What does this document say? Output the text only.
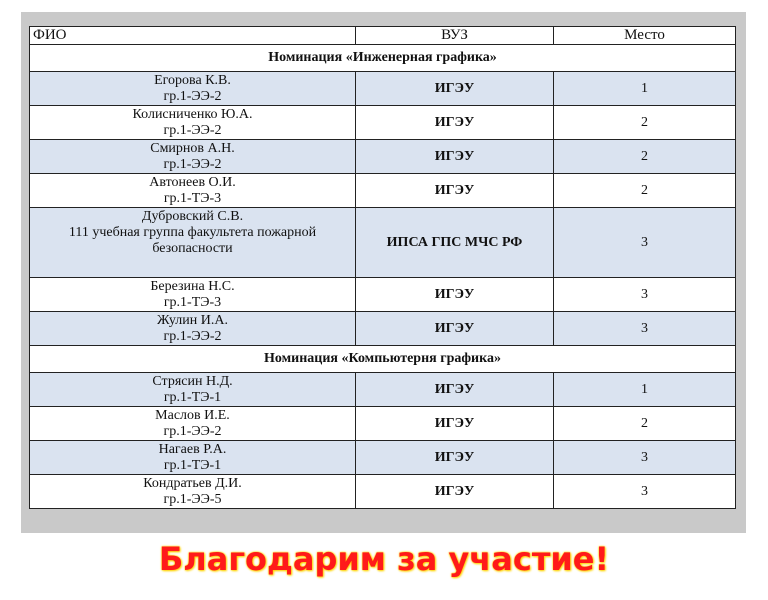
ФИО	ВУЗ	Место
Номинация «Инженерная графика»		

Егорова К.В.
гр.1-ЭЭ-2	ИГЭУ	1

Колисниченко Ю.А.
гр.1-ЭЭ-2	ИГЭУ	2

Смирнов А.Н.
гр.1-ЭЭ-2	ИГЭУ	2

Автонеев О.И.
гр.1-ТЭ-3	ИГЭУ	2

Дубровский С.В.
111 учебная группа факультета пожарной безопасности	ИПСА ГПС МЧС РФ	3

Березина Н.С.
гр.1-ТЭ-3	ИГЭУ	3

Жулин И.А.
гр.1-ЭЭ-2	ИГЭУ	3
Номинация «Компьютерня графика»		

Стрясин Н.Д.
гр.1-ТЭ-1	ИГЭУ	1

Маслов И.Е.
гр.1-ЭЭ-2	ИГЭУ	2

Нагаев Р.А.
гр.1-ТЭ-1	ИГЭУ	3

Кондратьев Д.И.
гр.1-ЭЭ-5	ИГЭУ	3
Благодарим за участие!
